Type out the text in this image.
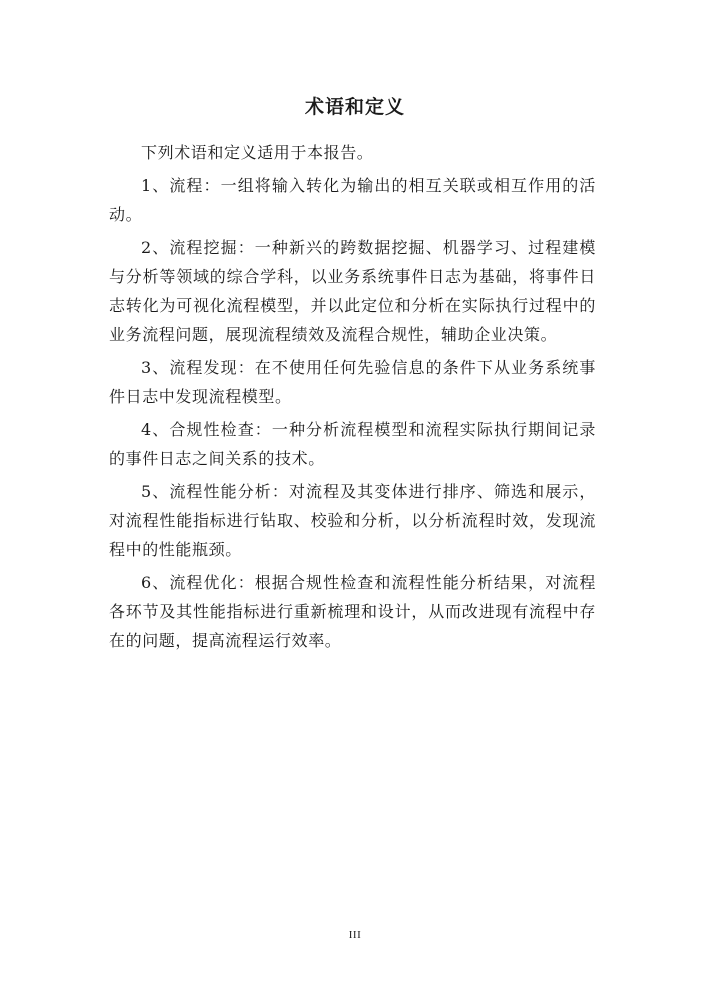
术语和定义

下列术语和定义适用于本报告。

1、流程：一组将输入转化为输出的相互关联或相互作用的活动。

2、流程挖掘：一种新兴的跨数据挖掘、机器学习、过程建模与分析等领域的综合学科，以业务系统事件日志为基础，将事件日志转化为可视化流程模型，并以此定位和分析在实际执行过程中的业务流程问题，展现流程绩效及流程合规性，辅助企业决策。

3、流程发现：在不使用任何先验信息的条件下从业务系统事件日志中发现流程模型。

4、合规性检查：一种分析流程模型和流程实际执行期间记录的事件日志之间关系的技术。

5、流程性能分析：对流程及其变体进行排序、筛选和展示，对流程性能指标进行钻取、校验和分析，以分析流程时效，发现流程中的性能瓶颈。

6、流程优化：根据合规性检查和流程性能分析结果，对流程各环节及其性能指标进行重新梳理和设计，从而改进现有流程中存在的问题，提高流程运行效率。

III
